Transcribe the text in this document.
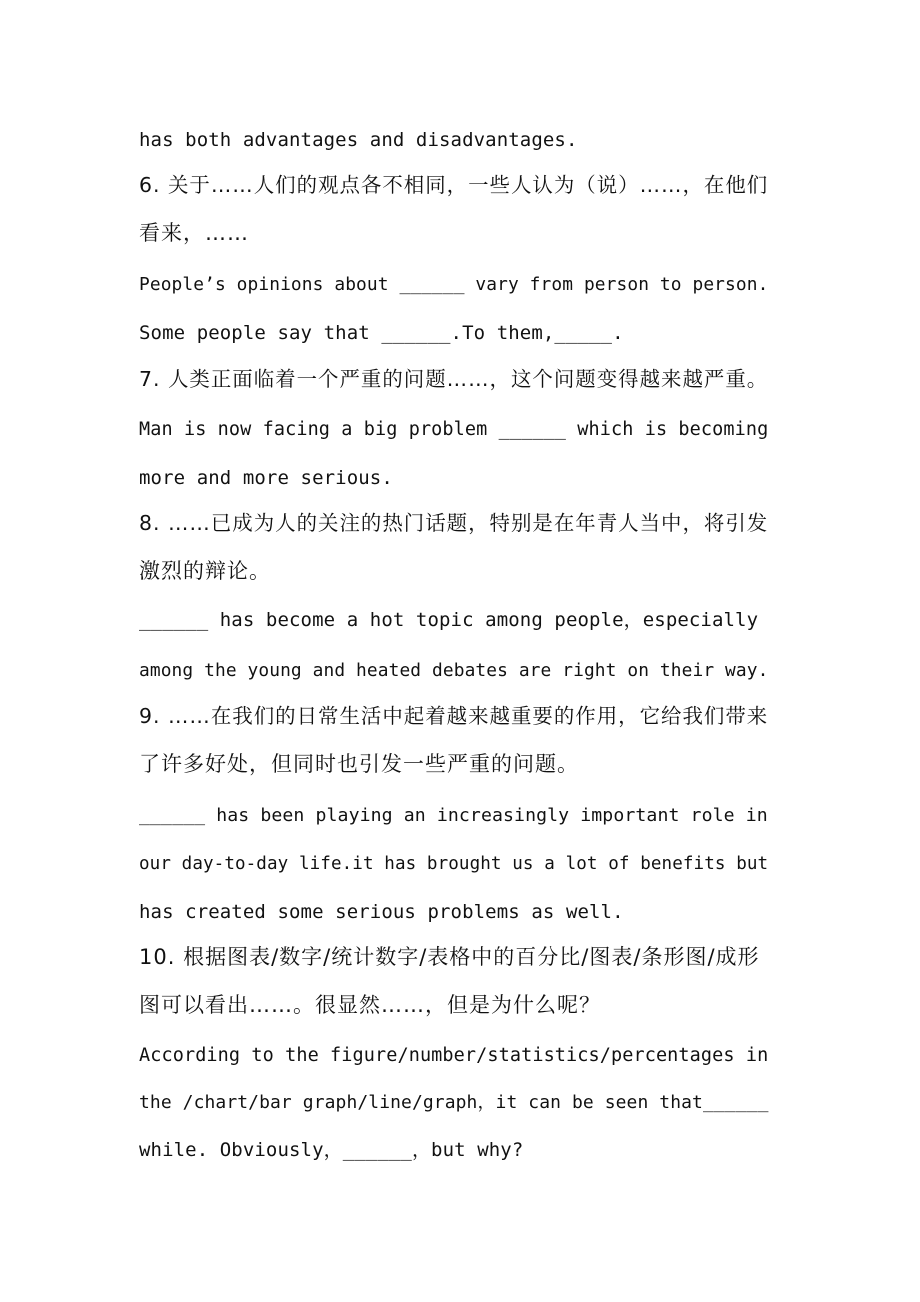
has both advantages and disadvantages.
6. 关于……人们的观点各不相同，一些人认为（说）……，在他们
看来，……
People’s opinions about ______ vary from person to person.
Some people say that ______.To them,_____.
7. 人类正面临着一个严重的问题……，这个问题变得越来越严重。
Man is now facing a big problem ______ which is becoming
more and more serious.
8. ……已成为人的关注的热门话题，特别是在年青人当中，将引发
激烈的辩论。
______ has become a hot topic among people，especially
among the young and heated debates are right on their way.
9. ……在我们的日常生活中起着越来越重要的作用，它给我们带来
了许多好处，但同时也引发一些严重的问题。
______ has been playing an increasingly important role in
our day-to-day life.it has brought us a lot of benefits but
has created some serious problems as well.
10. 根据图表/数字/统计数字/表格中的百分比/图表/条形图/成形
图可以看出……。很显然……，但是为什么呢？
According to the figure/number/statistics/percentages in
the /chart/bar graph/line/graph，it can be seen that______
while. Obviously，______，but why?
